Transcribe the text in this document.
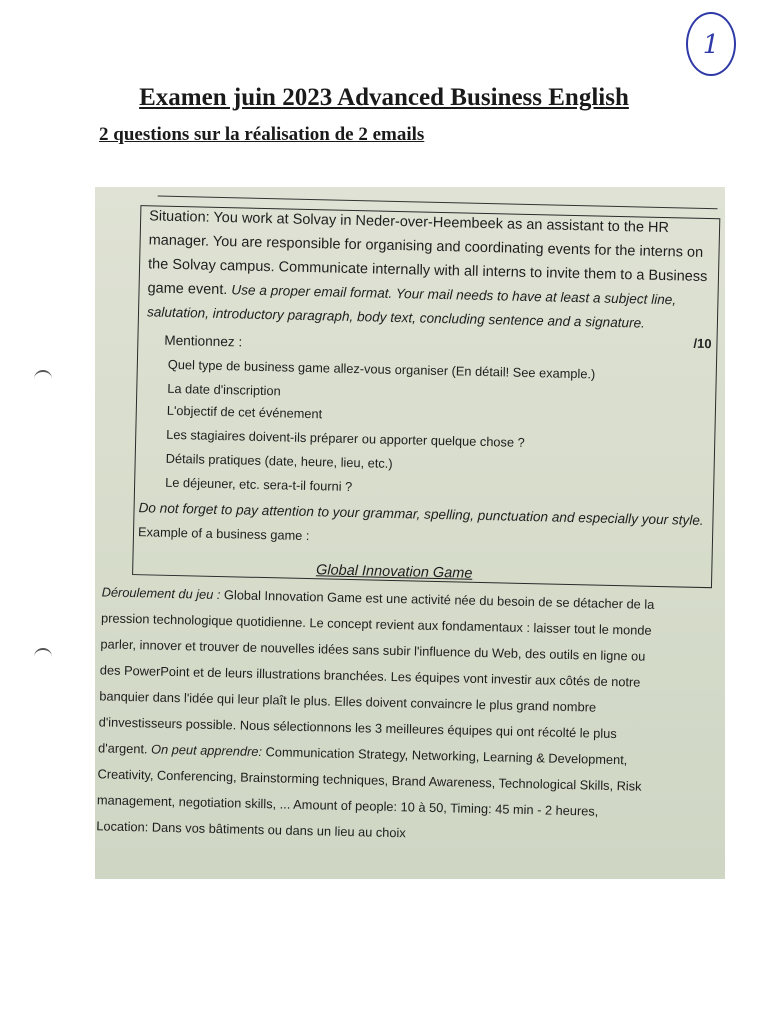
1
Examen juin 2023 Advanced Business English
2 questions sur la réalisation de 2 emails

Situation: You work at Solvay in Neder-over-Heembeek as an assistant to the HR

manager. You are responsible for organising and coordinating events for the interns on

the Solvay campus. Communicate internally with all interns to invite them to a Business

game event. Use a proper email format. Your mail needs to have at least a subject line,

salutation, introductory paragraph, body text, concluding sentence and a signature.

Mentionnez :

Quel type de business game allez-vous organiser (En détail! See example.)

La date d'inscription

L'objectif de cet événement

Les stagiaires doivent-ils préparer ou apporter quelque chose ?

Détails pratiques (date, heure, lieu, etc.)

Le déjeuner, etc. sera-t-il fourni ?

Do not forget to pay attention to your grammar, spelling, punctuation and especially your style.

Example of a business game :

/10

Global Innovation Game

Déroulement du jeu : Global Innovation Game est une activité née du besoin de se détacher de la

pression technologique quotidienne. Le concept revient aux fondamentaux : laisser tout le monde

parler, innover et trouver de nouvelles idées sans subir l'influence du Web, des outils en ligne ou

des PowerPoint et de leurs illustrations branchées. Les équipes vont investir aux côtés de notre

banquier dans l'idée qui leur plaît le plus. Elles doivent convaincre le plus grand nombre

d'investisseurs possible. Nous sélectionnons les 3 meilleures équipes qui ont récolté le plus

d'argent. On peut apprendre: Communication Strategy, Networking, Learning & Development,

Creativity, Conferencing, Brainstorming techniques, Brand Awareness, Technological Skills, Risk

management, negotiation skills, ... Amount of people: 10 à 50, Timing: 45 min - 2 heures,

Location: Dans vos bâtiments ou dans un lieu au choix
